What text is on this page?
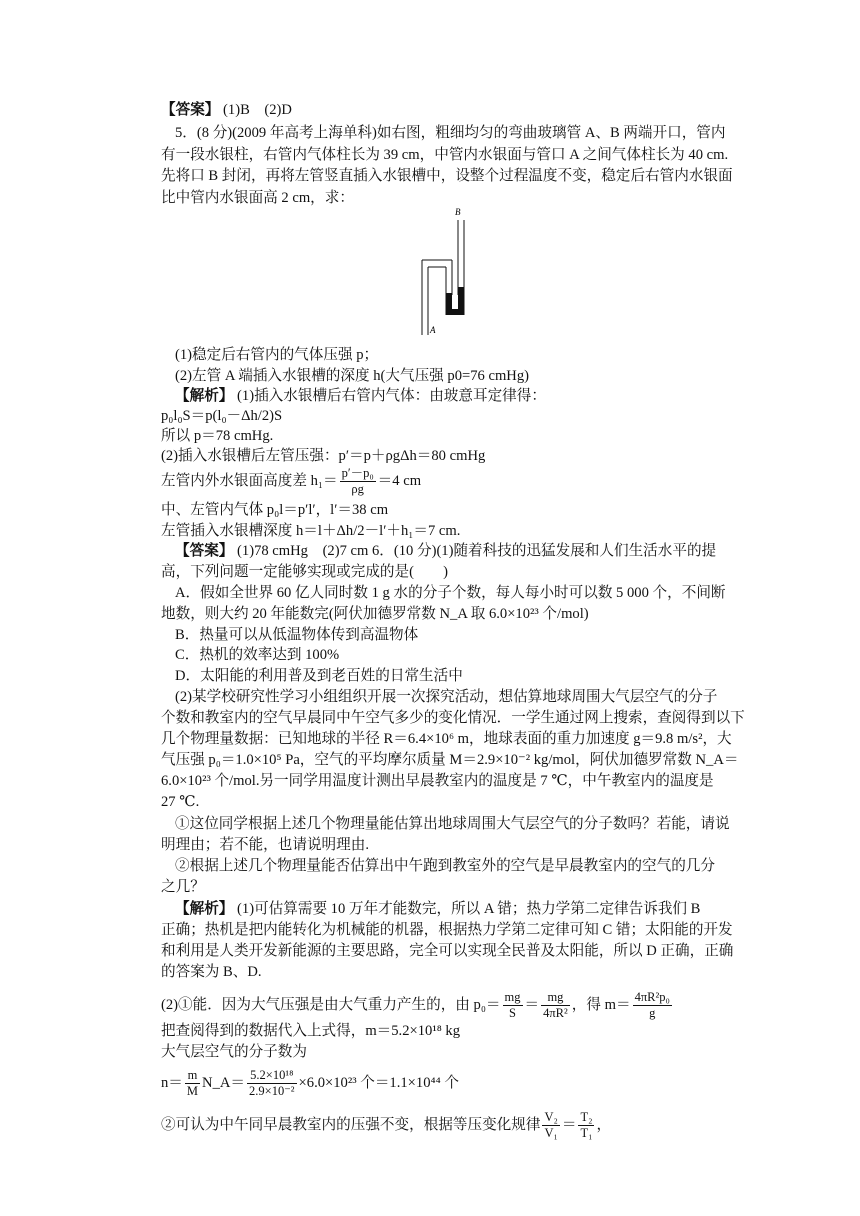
【答案】 (1)B　(2)D
5．(8 分)(2009 年高考上海单科)如右图，粗细均匀的弯曲玻璃管 A、B 两端开口，管内
有一段水银柱，右管内气体柱长为 39 cm，中管内水银面与管口 A 之间气体柱长为 40 cm.
先将口 B 封闭，再将左管竖直插入水银槽中，设整个过程温度不变，稳定后右管内水银面
比中管内水银面高 2 cm，求：
B
A
(1)稳定后右管内的气体压强 p；
(2)左管 A 端插入水银槽的深度 h(大气压强 p0=76 cmHg)
【解析】 (1)插入水银槽后右管内气体：由玻意耳定律得：
p₀l₀S＝p(l₀－Δh/2)S
所以 p＝78 cmHg.
(2)插入水银槽后左管压强：p′＝p＋ρgΔh＝80 cmHg
左管内外水银面高度差 $h_1= \frac{\text{p′－p₀}}{\rho g} =4$ cm
中、左管内气体 p₀l＝p′l′，l′＝38 cm
左管插入水银槽深度 h＝l＋Δh/2－l′＋h₁＝7 cm.
【答案】 (1)78 cmHg　(2)7 cm 6．(10 分)(1)随着科技的迅猛发展和人们生活水平的提
高，下列问题一定能够实现或完成的是(　　)
A．假如全世界 60 亿人同时数 1 g 水的分子个数，每人每小时可以数 5 000 个，不间断
地数，则大约 20 年能数完(阿伏加德罗常数 N_A 取 6.0×10²³ 个/mol)
B．热量可以从低温物体传到高温物体
C．热机的效率达到 100%
D．太阳能的利用普及到老百姓的日常生活中
(2)某学校研究性学习小组组织开展一次探究活动，想估算地球周围大气层空气的分子
个数和教室内的空气早晨同中午空气多少的变化情况．一学生通过网上搜索，查阅得到以下
几个物理量数据：已知地球的半径 R＝6.4×10⁶ m，地球表面的重力加速度 g＝9.8 m/s²，大
气压强 p₀＝1.0×10⁵ Pa，空气的平均摩尔质量 M＝2.9×10⁻² kg/mol，阿伏加德罗常数 N_A＝
6.0×10²³ 个/mol.另一同学用温度计测出早晨教室内的温度是 7 ℃，中午教室内的温度是
27 ℃.
①这位同学根据上述几个物理量能估算出地球周围大气层空气的分子数吗？若能，请说
明理由；若不能，也请说明理由.
②根据上述几个物理量能否估算出中午跑到教室外的空气是早晨教室内的空气的几分
之几？
【解析】 (1)可估算需要 10 万年才能数完，所以 A 错；热力学第二定律告诉我们 B
正确；热机是把内能转化为机械能的机器，根据热力学第二定律可知 C 错；太阳能的开发
和利用是人类开发新能源的主要思路，完全可以实现全民普及太阳能，所以 D 正确，正确
的答案为 B、D.
(2)①能．因为大气压强是由大气重力产生的，由 $p_0= \frac{mg}{S} = \frac{mg}{\text{4πR²}}$ ，得 $m= \frac{\text{4πR²p₀}}{g}$
把查阅得到的数据代入上式得，m＝5.2×10¹⁸ kg
大气层空气的分子数为
$n= \frac{m}{M}$ N_A＝ $\frac{\text{5.2×10¹⁸}}{\text{2.9×10⁻²}} \times 6.0\times 10^{23}$ 个＝1.1×10⁴⁴ 个
②可认为中午同早晨教室内的压强不变，根据等压变化规律 $\frac{\text{V₂}}{\text{V₁}} = \frac{\text{T₂}}{\text{T₁}}$ ，
